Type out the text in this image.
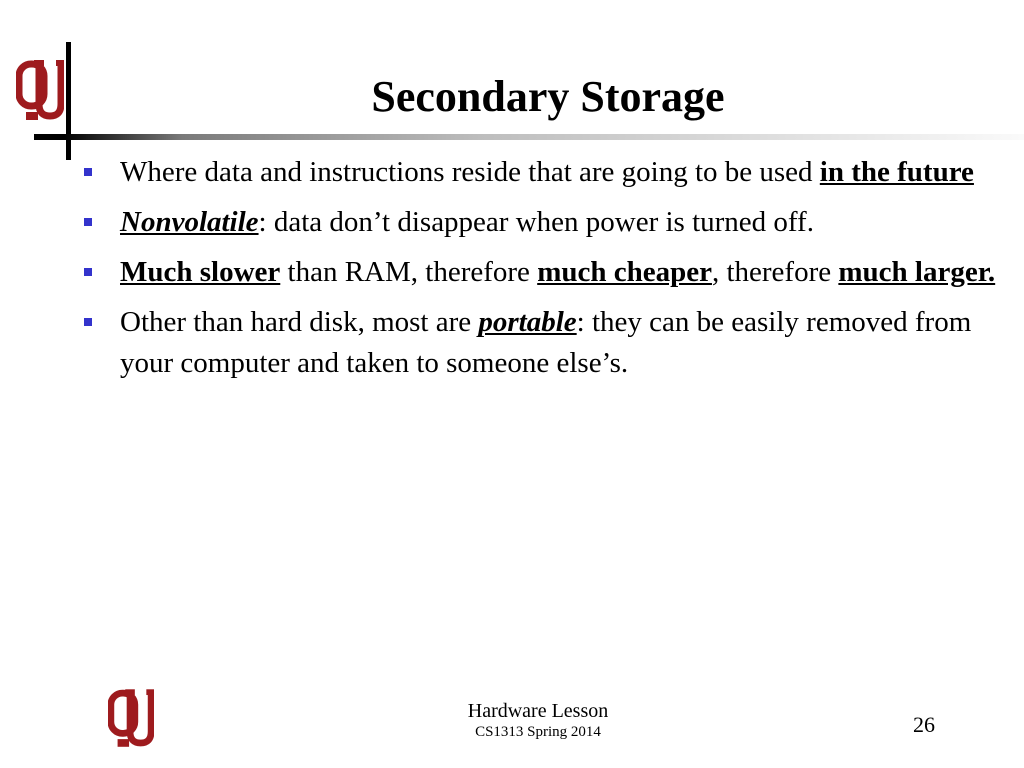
Secondary Storage
Where data and instructions reside that are going to be used in the future
Nonvolatile: data don’t disappear when power is turned off.
Much slower than RAM, therefore much cheaper, therefore much larger.
Other than hard disk, most are portable: they can be easily removed from your computer and taken to someone else’s.
Hardware Lesson
CS1313 Spring 2014	26
